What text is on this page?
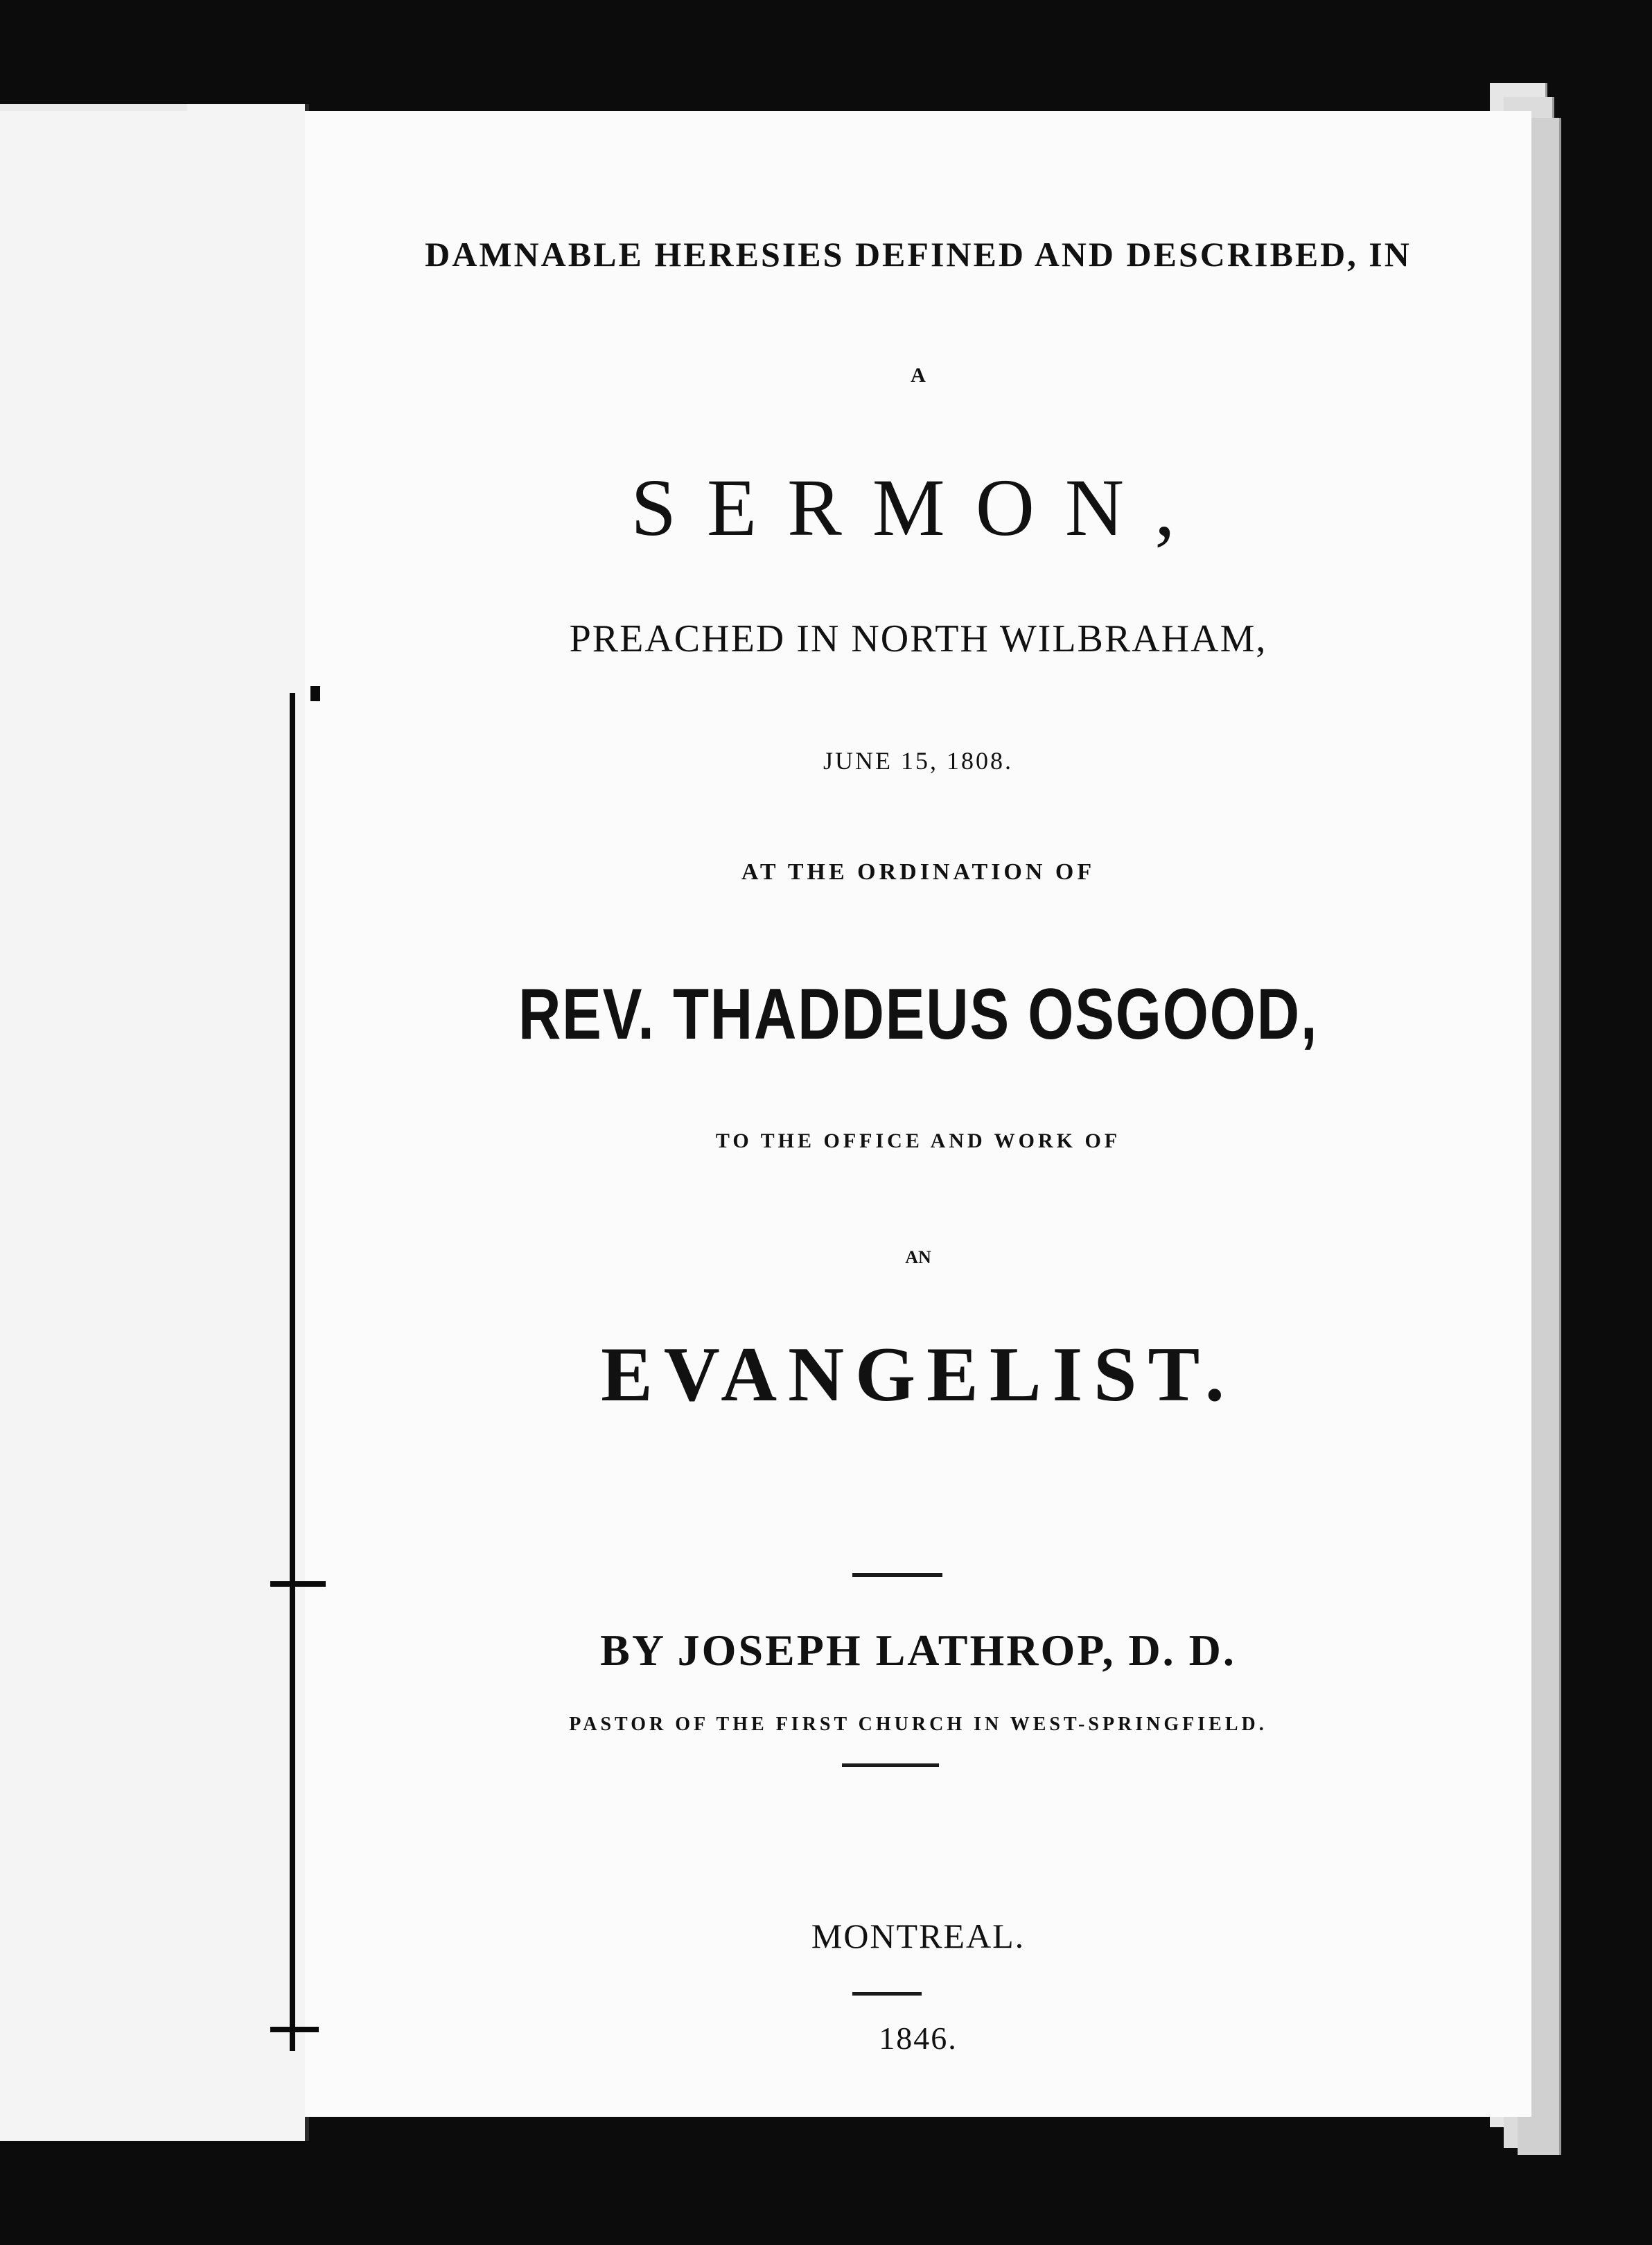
DAMNABLE HERESIES DEFINED AND DESCRIBED, IN
A
SERMON,
PREACHED IN NORTH WILBRAHAM,
JUNE 15, 1808.
AT THE ORDINATION OF
REV. THADDEUS OSGOOD,
TO THE OFFICE AND WORK OF
AN
EVANGELIST.
BY JOSEPH LATHROP, D. D.
PASTOR OF THE FIRST CHURCH IN WEST-SPRINGFIELD.
MONTREAL.
1846.
